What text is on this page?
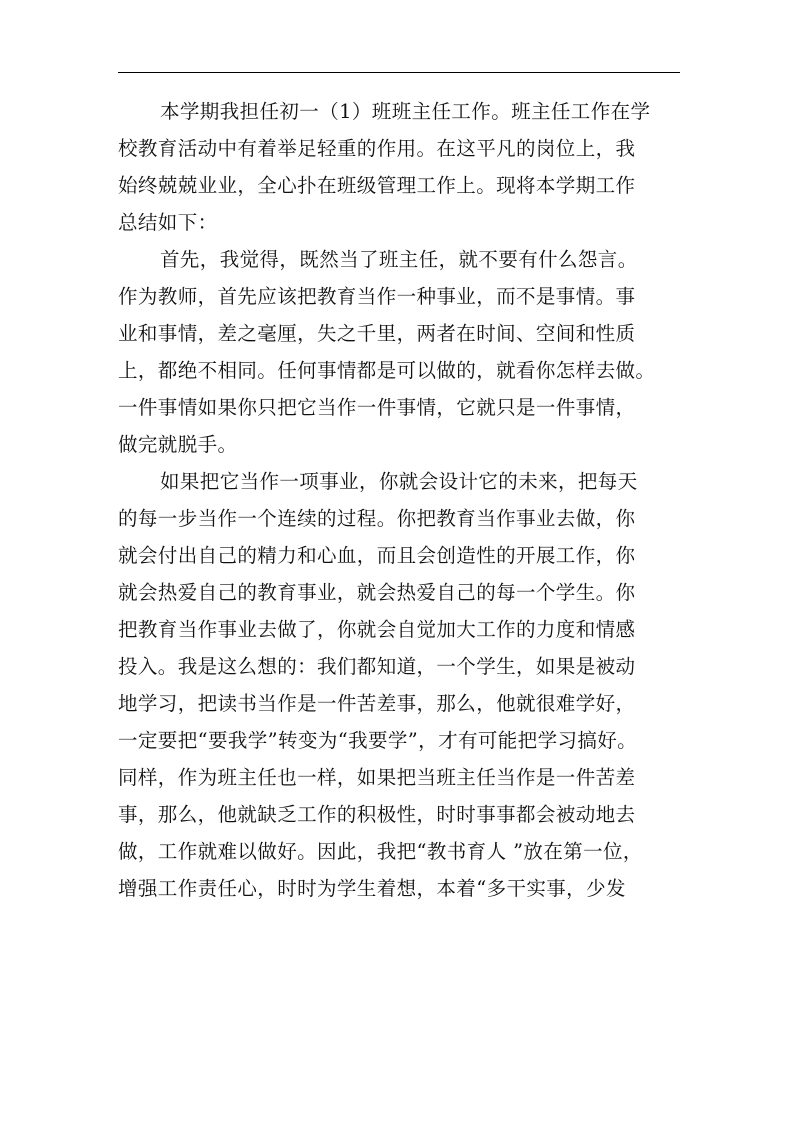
本学期我担任初一（1）班班主任工作。班主任工作在学
校教育活动中有着举足轻重的作用。在这平凡的岗位上，我
始终兢兢业业，全心扑在班级管理工作上。现将本学期工作
总结如下：
首先，我觉得，既然当了班主任，就不要有什么怨言。
作为教师，首先应该把教育当作一种事业，而不是事情。事
业和事情，差之毫厘，失之千里，两者在时间、空间和性质
上，都绝不相同。任何事情都是可以做的，就看你怎样去做。
一件事情如果你只把它当作一件事情，它就只是一件事情，
做完就脱手。
如果把它当作一项事业，你就会设计它的未来，把每天
的每一步当作一个连续的过程。你把教育当作事业去做，你
就会付出自己的精力和心血，而且会创造性的开展工作，你
就会热爱自己的教育事业，就会热爱自己的每一个学生。你
把教育当作事业去做了，你就会自觉加大工作的力度和情感
投入。我是这么想的：我们都知道，一个学生，如果是被动
地学习，把读书当作是一件苦差事，那么，他就很难学好，
一定要把“要我学”转变为“我要学”，才有可能把学习搞好。
同样，作为班主任也一样，如果把当班主任当作是一件苦差
事，那么，他就缺乏工作的积极性，时时事事都会被动地去
做，工作就难以做好。因此，我把“教书育人 ”放在第一位，
增强工作责任心，时时为学生着想，本着“多干实事，少发
